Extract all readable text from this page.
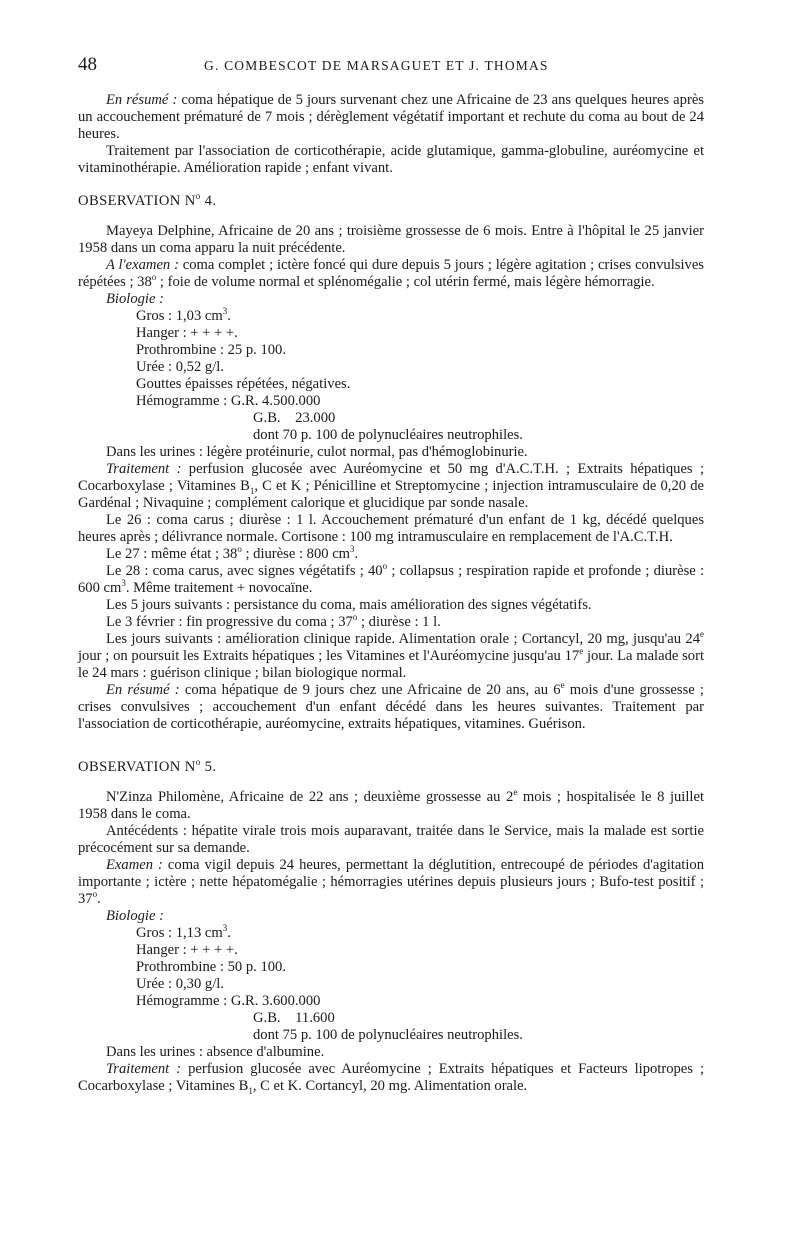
48	G. COMBESCOT DE MARSAGUET ET J. THOMAS

En résumé : coma hépatique de 5 jours survenant chez une Africaine de 23 ans quelques heures après un accouchement prématuré de 7 mois ; dérèglement végétatif important et rechute du coma au bout de 24 heures.

Traitement par l'association de corticothérapie, acide glutamique, gamma-globuline, auréomycine et vitaminothérapie. Amélioration rapide ; enfant vivant.

OBSERVATION $N^o$ 4.

Mayeya Delphine, Africaine de 20 ans ; troisième grossesse de 6 mois. Entre à l'hôpital le 25 janvier 1958 dans un coma apparu la nuit précédente.

A l'examen : coma complet ; ictère foncé qui dure depuis 5 jours ; légère agitation ; crises convulsives répétées ; 38$^o$ ; foie de volume normal et splénomégalie ; col utérin fermé, mais légère hémorragie.

Biologie :

Gros : 1,03 $cm^3$.

Hanger : + + + +.

Prothrombine : 25 p. 100.

Urée : 0,52 g/l.

Gouttes épaisses répétées, négatives.

Hémogramme : G.R. 4.500.000

G.B.    23.000

dont 70 p. 100 de polynucléaires neutrophiles.

Dans les urines : légère protéinurie, culot normal, pas d'hémoglobinurie.

Traitement : perfusion glucosée avec Auréomycine et 50 mg d'A.C.T.H. ; Extraits hépatiques ; Cocarboxylase ; Vitamines $B_1$, C et K ; Pénicilline et Streptomycine ; injection intramusculaire de 0,20 de Gardénal ; Nivaquine ; complément calorique et glucidique par sonde nasale.

Le 26 : coma carus ; diurèse : 1 l. Accouchement prématuré d'un enfant de 1 kg, décédé quelques heures après ; délivrance normale. Cortisone : 100 mg intramusculaire en remplacement de l'A.C.T.H.

Le 27 : même état ; 38$^o$ ; diurèse : 800 $cm^3$.

Le 28 : coma carus, avec signes végétatifs ; 40$^o$ ; collapsus ; respiration rapide et profonde ; diurèse : 600 $cm^3$. Même traitement + novocaïne.

Les 5 jours suivants : persistance du coma, mais amélioration des signes végétatifs.

Le 3 février : fin progressive du coma ; 37$^o$ ; diurèse : 1 l.

Les jours suivants : amélioration clinique rapide. Alimentation orale ; Cortancyl, 20 mg, jusqu'au 24e jour ; on poursuit les Extraits hépatiques ; les Vitamines et l'Auréomycine jusqu'au 17e jour. La malade sort le 24 mars : guérison clinique ; bilan biologique normal.

En résumé : coma hépatique de 9 jours chez une Africaine de 20 ans, au 6e mois d'une grossesse ; crises convulsives ; accouchement d'un enfant décédé dans les heures suivantes. Traitement par l'association de corticothérapie, auréomycine, extraits hépatiques, vitamines. Guérison.

OBSERVATION $N^o$ 5.

N'Zinza Philomène, Africaine de 22 ans ; deuxième grossesse au 2e mois ; hospitalisée le 8 juillet 1958 dans le coma.

Antécédents : hépatite virale trois mois auparavant, traitée dans le Service, mais la malade est sortie précocément sur sa demande.

Examen : coma vigil depuis 24 heures, permettant la déglutition, entrecoupé de périodes d'agitation importante ; ictère ; nette hépatomégalie ; hémorragies utérines depuis plusieurs jours ; Bufo-test positif ; 37$^o$.

Biologie :

Gros : 1,13 $cm^3$.

Hanger : + + + +.

Prothrombine : 50 p. 100.

Urée : 0,30 g/l.

Hémogramme : G.R. 3.600.000

G.B.    11.600

dont 75 p. 100 de polynucléaires neutrophiles.

Dans les urines : absence d'albumine.

Traitement : perfusion glucosée avec Auréomycine ; Extraits hépatiques et Facteurs lipotropes ; Cocarboxylase ; Vitamines $B_1$, C et K. Cortancyl, 20 mg. Alimentation orale.
